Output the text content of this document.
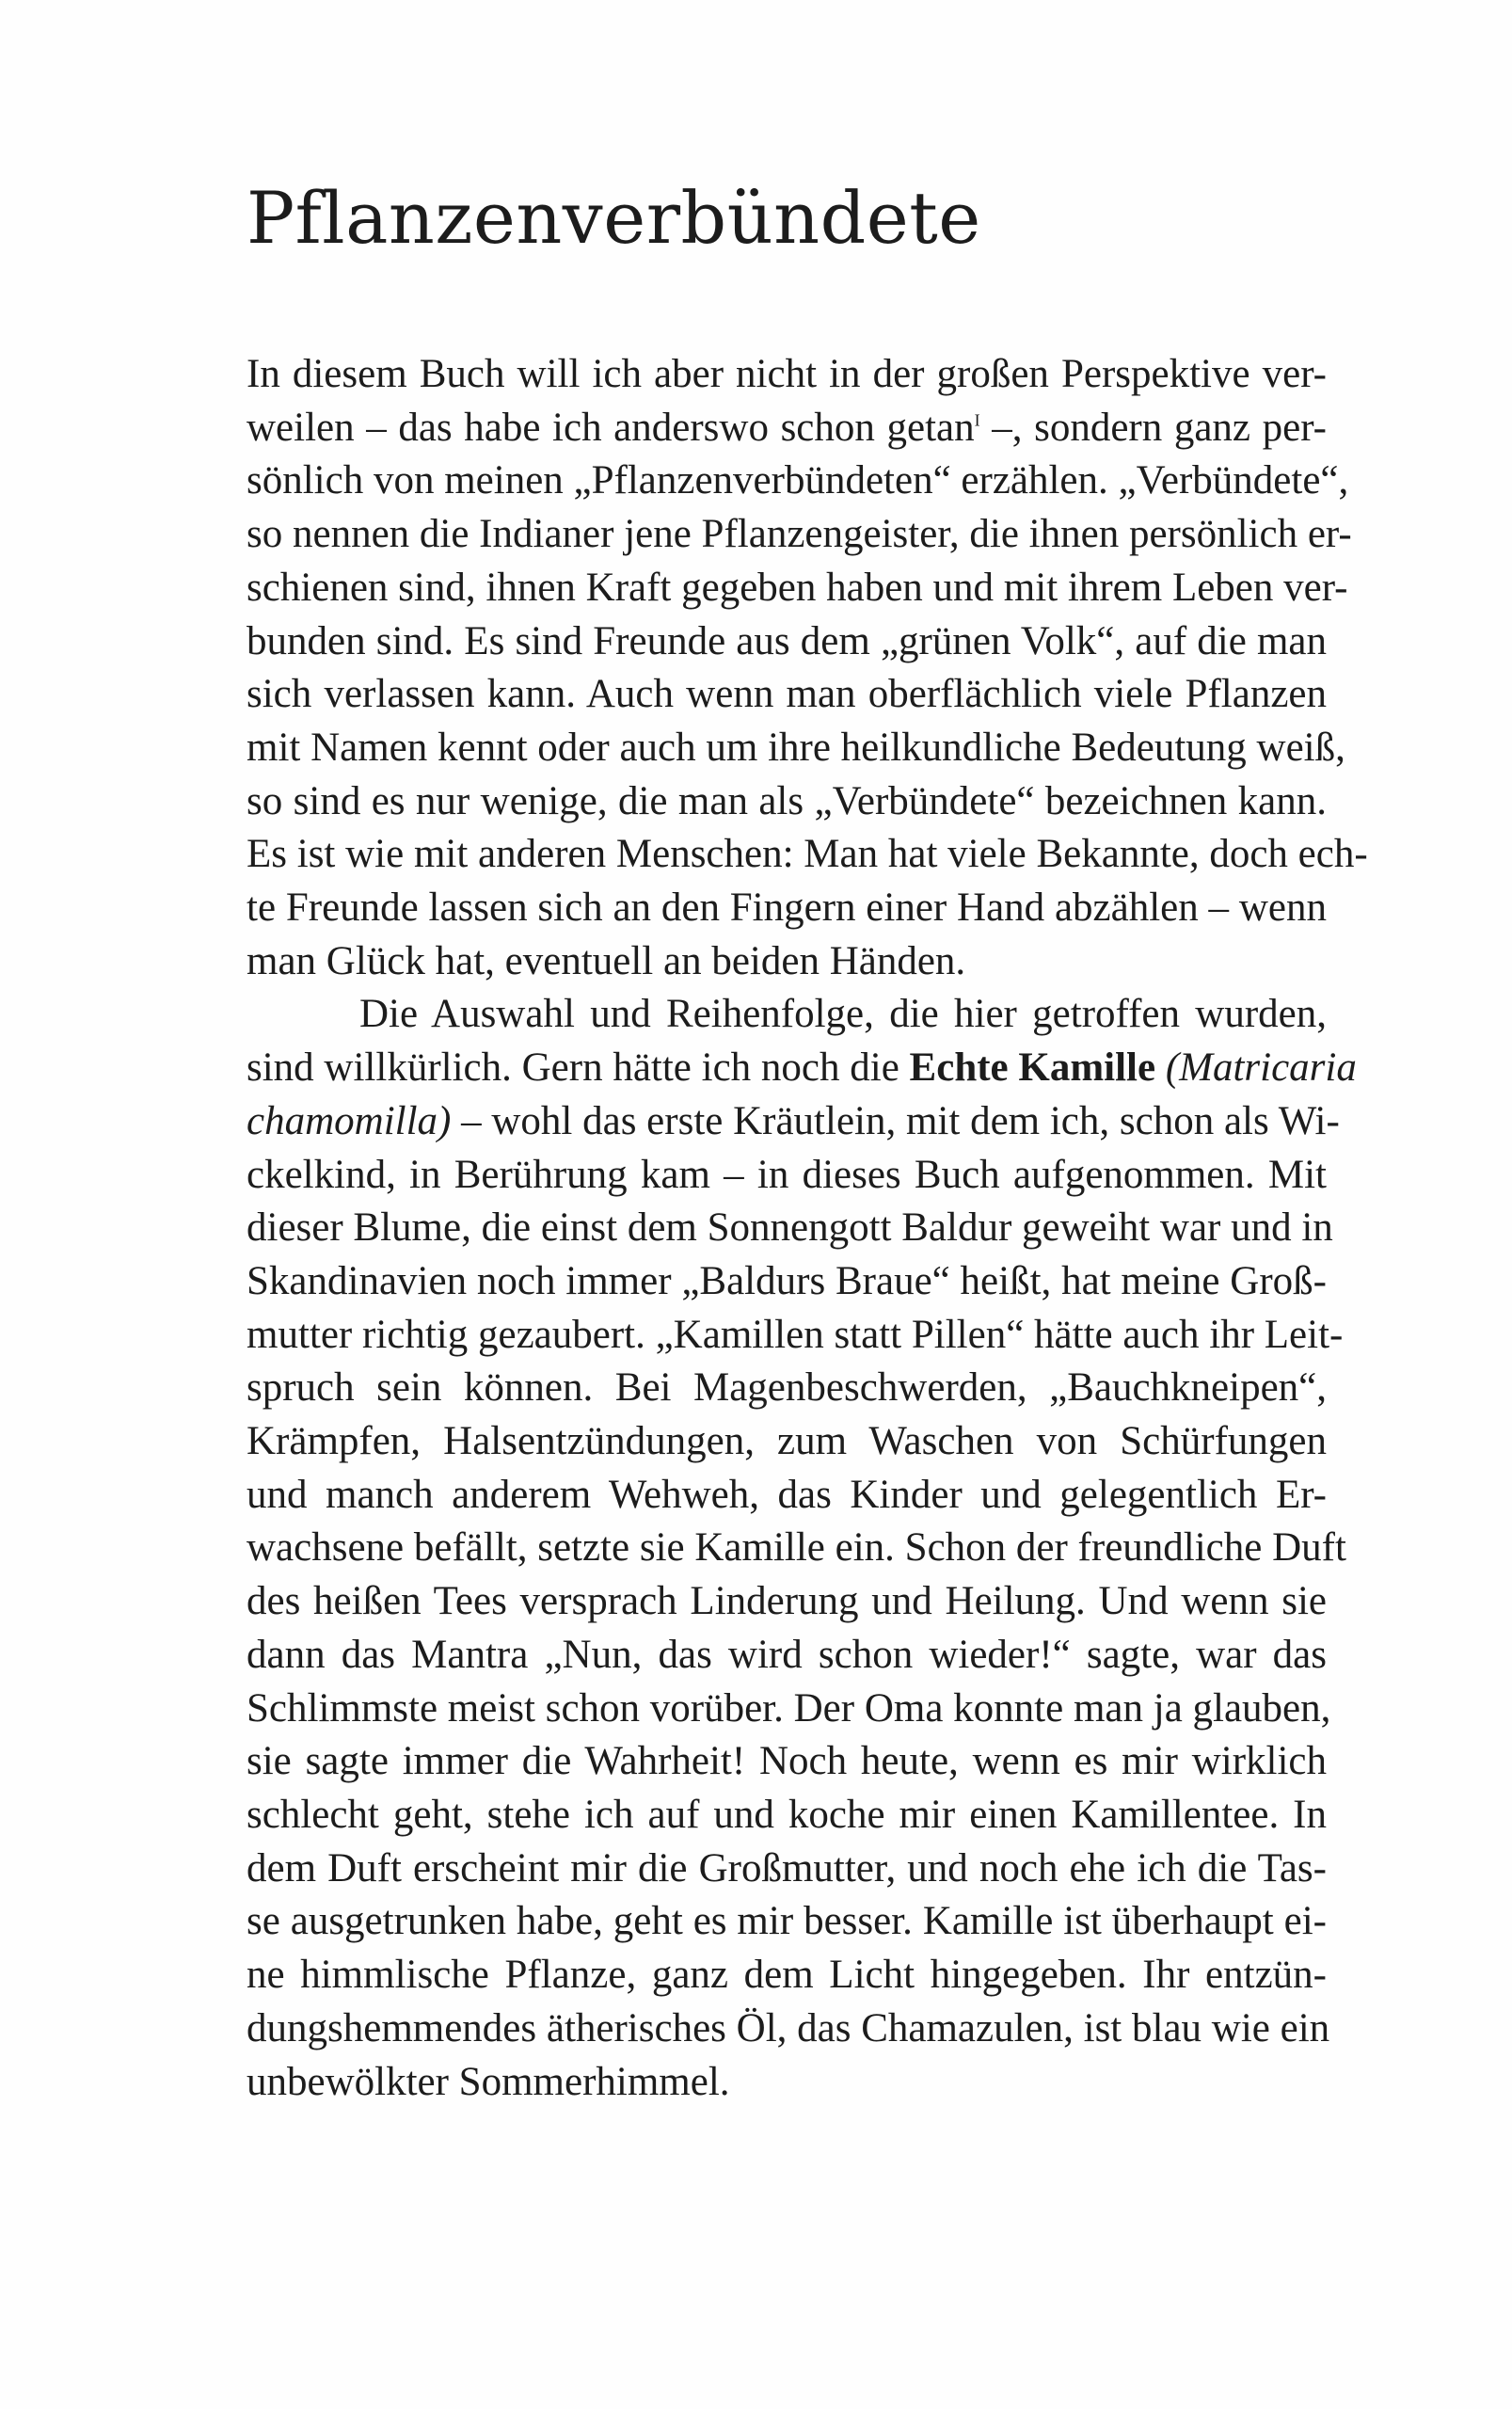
Pflanzenverbündete

In diesem Buch will ich aber nicht in der großen Perspektive ver-
weilen – das habe ich anderswo schon getan$^I$ –, sondern ganz per-
sönlich von meinen „Pflanzenverbündeten“ erzählen. „Verbündete“,
so nennen die Indianer jene Pflanzengeister, die ihnen persönlich er-
schienen sind, ihnen Kraft gegeben haben und mit ihrem Leben ver-
bunden sind. Es sind Freunde aus dem „grünen Volk“, auf die man
sich verlassen kann. Auch wenn man oberflächlich viele Pflanzen
mit Namen kennt oder auch um ihre heilkundliche Bedeutung weiß,
so sind es nur wenige, die man als „Verbündete“ bezeichnen kann.
Es ist wie mit anderen Menschen: Man hat viele Bekannte, doch ech-
te Freunde lassen sich an den Fingern einer Hand abzählen – wenn
man Glück hat, eventuell an beiden Händen.

Die Auswahl und Reihenfolge, die hier getroffen wurden,
sind willkürlich. Gern hätte ich noch die Echte Kamille (Matricaria
chamomilla) – wohl das erste Kräutlein, mit dem ich, schon als Wi-
ckelkind, in Berührung kam – in dieses Buch aufgenommen. Mit
dieser Blume, die einst dem Sonnengott Baldur geweiht war und in
Skandinavien noch immer „Baldurs Braue“ heißt, hat meine Groß-
mutter richtig gezaubert. „Kamillen statt Pillen“ hätte auch ihr Leit-
spruch sein können. Bei Magenbeschwerden, „Bauchkneipen“,
Krämpfen, Halsentzündungen, zum Waschen von Schürfungen
und manch anderem Wehweh, das Kinder und gelegentlich Er-
wachsene befällt, setzte sie Kamille ein. Schon der freundliche Duft
des heißen Tees versprach Linderung und Heilung. Und wenn sie
dann das Mantra „Nun, das wird schon wieder!“ sagte, war das
Schlimmste meist schon vorüber. Der Oma konnte man ja glauben,
sie sagte immer die Wahrheit! Noch heute, wenn es mir wirklich
schlecht geht, stehe ich auf und koche mir einen Kamillentee. In
dem Duft erscheint mir die Großmutter, und noch ehe ich die Tas-
se ausgetrunken habe, geht es mir besser. Kamille ist überhaupt ei-
ne himmlische Pflanze, ganz dem Licht hingegeben. Ihr entzün-
dungshemmendes ätherisches Öl, das Chamazulen, ist blau wie ein
unbewölkter Sommerhimmel.
